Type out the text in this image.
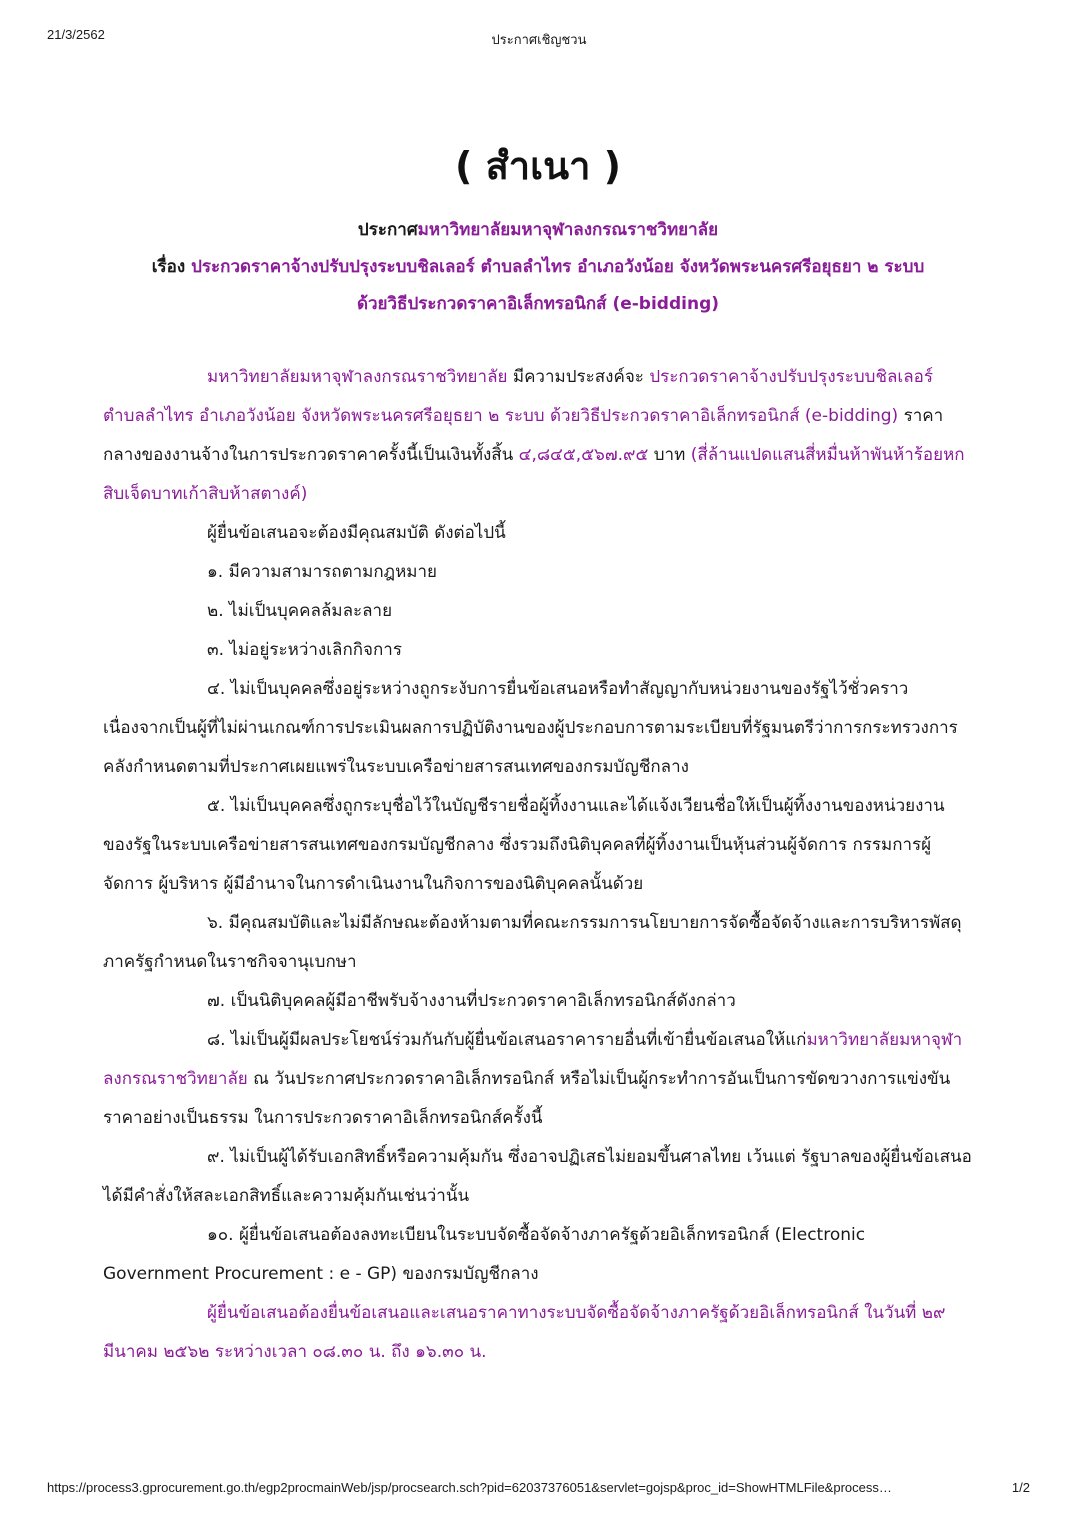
21/3/2562	ประกาศเชิญชวน
( สำเนา )
ประกาศมหาวิทยาลัยมหาจุฬาลงกรณราชวิทยาลัย
เรื่อง ประกวดราคาจ้างปรับปรุงระบบชิลเลอร์ ตำบลลำไทร อำเภอวังน้อย จังหวัดพระนครศรีอยุธยา ๒ ระบบ
ด้วยวิธีประกวดราคาอิเล็กทรอนิกส์ (e-bidding)

มหาวิทยาลัยมหาจุฬาลงกรณราชวิทยาลัย มีความประสงค์จะ ประกวดราคาจ้างปรับปรุงระบบชิลเลอร์ ตำบลลำไทร อำเภอวังน้อย จังหวัดพระนครศรีอยุธยา ๒ ระบบ ด้วยวิธีประกวดราคาอิเล็กทรอนิกส์ (e-bidding) ราคากลางของงานจ้างในการประกวดราคาครั้งนี้เป็นเงินทั้งสิ้น ๔,๘๔๕,๕๖๗.๙๕ บาท (สี่ล้านแปดแสนสี่หมื่นห้าพันห้าร้อยหกสิบเจ็ดบาทเก้าสิบห้าสตางค์)

ผู้ยื่นข้อเสนอจะต้องมีคุณสมบัติ ดังต่อไปนี้

๑. มีความสามารถตามกฎหมาย

๒. ไม่เป็นบุคคลล้มละลาย

๓. ไม่อยู่ระหว่างเลิกกิจการ

๔. ไม่เป็นบุคคลซึ่งอยู่ระหว่างถูกระงับการยื่นข้อเสนอหรือทำสัญญากับหน่วยงานของรัฐไว้ชั่วคราว เนื่องจากเป็นผู้ที่ไม่ผ่านเกณฑ์การประเมินผลการปฏิบัติงานของผู้ประกอบการตามระเบียบที่รัฐมนตรีว่าการกระทรวงการคลังกำหนดตามที่ประกาศเผยแพร่ในระบบเครือข่ายสารสนเทศของกรมบัญชีกลาง

๕. ไม่เป็นบุคคลซึ่งถูกระบุชื่อไว้ในบัญชีรายชื่อผู้ทิ้งงานและได้แจ้งเวียนชื่อให้เป็นผู้ทิ้งงานของหน่วยงานของรัฐในระบบเครือข่ายสารสนเทศของกรมบัญชีกลาง ซึ่งรวมถึงนิติบุคคลที่ผู้ทิ้งงานเป็นหุ้นส่วนผู้จัดการ กรรมการผู้จัดการ ผู้บริหาร ผู้มีอำนาจในการดำเนินงานในกิจการของนิติบุคคลนั้นด้วย

๖. มีคุณสมบัติและไม่มีลักษณะต้องห้ามตามที่คณะกรรมการนโยบายการจัดซื้อจัดจ้างและการบริหารพัสดุภาครัฐกำหนดในราชกิจจานุเบกษา

๗. เป็นนิติบุคคลผู้มีอาชีพรับจ้างงานที่ประกวดราคาอิเล็กทรอนิกส์ดังกล่าว

๘. ไม่เป็นผู้มีผลประโยชน์ร่วมกันกับผู้ยื่นข้อเสนอราคารายอื่นที่เข้ายื่นข้อเสนอให้แก่มหาวิทยาลัยมหาจุฬาลงกรณราชวิทยาลัย ณ วันประกาศประกวดราคาอิเล็กทรอนิกส์ หรือไม่เป็นผู้กระทำการอันเป็นการขัดขวางการแข่งขันราคาอย่างเป็นธรรม ในการประกวดราคาอิเล็กทรอนิกส์ครั้งนี้

๙. ไม่เป็นผู้ได้รับเอกสิทธิ์หรือความคุ้มกัน ซึ่งอาจปฏิเสธไม่ยอมขึ้นศาลไทย เว้นแต่ รัฐบาลของผู้ยื่นข้อเสนอได้มีคำสั่งให้สละเอกสิทธิ์และความคุ้มกันเช่นว่านั้น

๑๐. ผู้ยื่นข้อเสนอต้องลงทะเบียนในระบบจัดซื้อจัดจ้างภาครัฐด้วยอิเล็กทรอนิกส์ (Electronic Government Procurement : e - GP) ของกรมบัญชีกลาง

ผู้ยื่นข้อเสนอต้องยื่นข้อเสนอและเสนอราคาทางระบบจัดซื้อจัดจ้างภาครัฐด้วยอิเล็กทรอนิกส์ ในวันที่ ๒๙ มีนาคม ๒๕๖๒ ระหว่างเวลา ๐๘.๓๐ น. ถึง ๑๖.๓๐ น.

https://process3.gprocurement.go.th/egp2procmainWeb/jsp/procsearch.sch?pid=62037376051&servlet=gojsp&proc_id=ShowHTMLFile&process…	1/2
